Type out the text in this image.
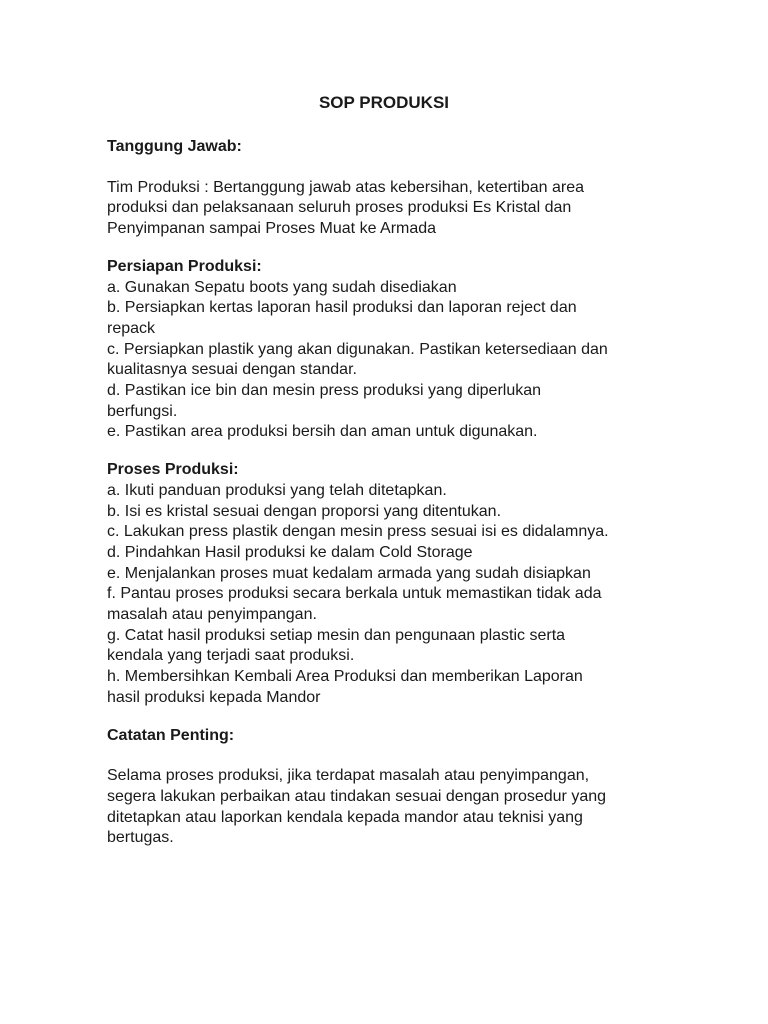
SOP PRODUKSI

Tanggung Jawab:

Tim Produksi : Bertanggung jawab atas kebersihan, ketertiban area
produksi dan pelaksanaan seluruh proses produksi Es Kristal dan
Penyimpanan sampai Proses Muat ke Armada

Persiapan Produksi:

a. Gunakan Sepatu boots yang sudah disediakan
b. Persiapkan kertas laporan hasil produksi dan laporan reject dan
repack
c. Persiapkan plastik yang akan digunakan. Pastikan ketersediaan dan
kualitasnya sesuai dengan standar.
d. Pastikan ice bin dan mesin press produksi yang diperlukan
berfungsi.
e. Pastikan area produksi bersih dan aman untuk digunakan.

Proses Produksi:

a. Ikuti panduan produksi yang telah ditetapkan.
b. Isi es kristal sesuai dengan proporsi yang ditentukan.
c. Lakukan press plastik dengan mesin press sesuai isi es didalamnya.
d. Pindahkan Hasil produksi ke dalam Cold Storage
e. Menjalankan proses muat kedalam armada yang sudah disiapkan
f. Pantau proses produksi secara berkala untuk memastikan tidak ada
masalah atau penyimpangan.
g. Catat hasil produksi setiap mesin dan pengunaan plastic serta
kendala yang terjadi saat produksi.
h. Membersihkan Kembali Area Produksi dan memberikan Laporan
hasil produksi kepada Mandor

Catatan Penting:

Selama proses produksi, jika terdapat masalah atau penyimpangan,
segera lakukan perbaikan atau tindakan sesuai dengan prosedur yang
ditetapkan atau laporkan kendala kepada mandor atau teknisi yang
bertugas.
